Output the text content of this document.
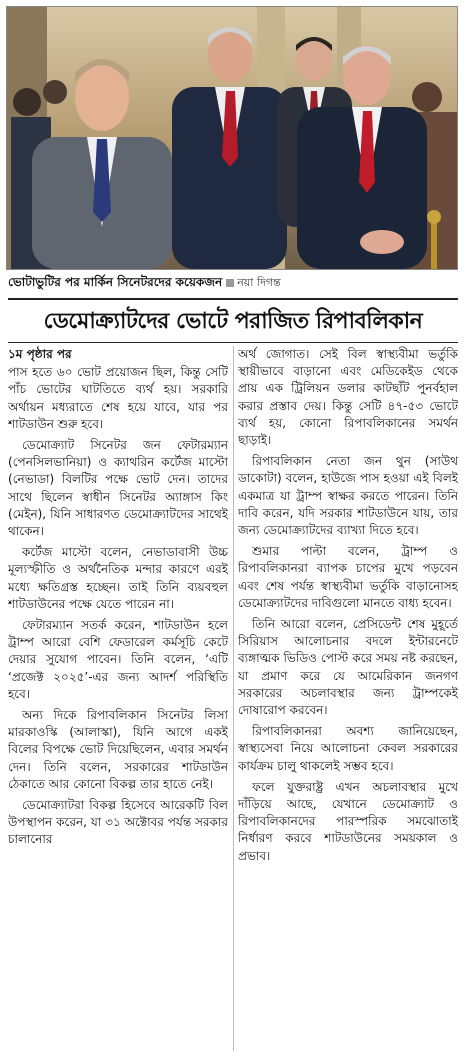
ভোটাভুটির পর মার্কিন সিনেটরদের কয়েকজন নয়া দিগন্ত
ডেমোক্র্যাটদের ভোটে পরাজিত রিপাবলিকান
১ম পৃষ্ঠার পর

পাস হতে ৬০ ভোট প্রয়োজন ছিল, কিন্তু সেটি পাঁচ ভোটের ঘাটতিতে ব্যর্থ হয়। সরকারি অর্থায়ন মধ্যরাতে শেষ হয়ে যাবে, যার পর শাটডাউন শুরু হবে।

ডেমোক্র্যাট সিনেটর জন ফেটারম্যান (পেনসিলভানিয়া) ও ক্যাথরিন কর্টেজ মাস্টো (নেভাডা) বিলটির পক্ষে ভোট দেন। তাদের সাথে ছিলেন স্বাধীন সিনেটর অ্যাঙ্গাস কিং (মেইন), যিনি সাধারণত ডেমোক্র্যাটদের সাথেই থাকেন।

কর্টেজ মাস্টো বলেন, নেভাডাবাসী উচ্চ মূল্যস্ফীতি ও অর্থনৈতিক মন্দার কারণে এরই মধ্যে ক্ষতিগ্রস্ত হচ্ছেন। তাই তিনি ব্যয়বহুল শাটডাউনের পক্ষে যেতে পারেন না।

ফেটারম্যান সতর্ক করেন, শাটডাউন হলে ট্রাম্প আরো বেশি ফেডারেল কর্মসূচি কেটে দেয়ার সুযোগ পাবেন। তিনি বলেন, ‘এটি ‘প্রজেক্ট ২০২৫’-এর জন্য আদর্শ পরিস্থিতি হবে।

অন্য দিকে রিপাবলিকান সিনেটর লিসা মারকাওস্কি (আলাস্কা), যিনি আগে একই বিলের বিপক্ষে ভোট দিয়েছিলেন, এবার সমর্থন দেন। তিনি বলেন, সরকারের শাটডাউন ঠেকাতে আর কোনো বিকল্প তার হাতে নেই।

ডেমোক্র্যাটরা বিকল্প হিসেবে আরেকটি বিল উপস্থাপন করেন, যা ৩১ অক্টোবর পর্যন্ত সরকার চালানোর

অর্থ জোগাত। সেই বিল স্বাস্থ্যবীমা ভর্তুকি স্থায়ীভাবে বাড়ানো এবং মেডিকেইড থেকে প্রায় এক ট্রিলিয়ন ডলার কাটছাঁট পুনর্বহাল করার প্রস্তাব দেয়। কিন্তু সেটি ৪৭-৫৩ ভোটে ব্যর্থ হয়, কোনো রিপাবলিকানের সমর্থন ছাড়াই।

রিপাবলিকান নেতা জন থুন (সাউথ ডাকোটা) বলেন, হাউজে পাস হওয়া এই বিলই একমাত্র যা ট্রাম্প স্বাক্ষর করতে পারেন। তিনি দাবি করেন, যদি সরকার শাটডাউনে যায়, তার জন্য ডেমোক্র্যাটদের ব্যাখ্যা দিতে হবে।

শুমার পাল্টা বলেন, ট্রাম্প ও রিপাবলিকানরা ব্যাপক চাপের মুখে পড়বেন এবং শেষ পর্যন্ত স্বাস্থ্যবীমা ভর্তুকি বাড়ানোসহ ডেমোক্র্যাটদের দাবিগুলো মানতে বাধ্য হবেন।

তিনি আরো বলেন, প্রেসিডেন্ট শেষ মুহূর্তে সিরিয়াস আলোচনার বদলে ইন্টারনেটে ব্যঙ্গাত্মক ভিডিও পোস্ট করে সময় নষ্ট করছেন, যা প্রমাণ করে যে আমেরিকান জনগণ সরকারের অচলাবস্থার জন্য ট্রাম্পকেই দোষারোপ করবেন।

রিপাবলিকানরা অবশ্য জানিয়েছেন, স্বাস্থ্যসেবা নিয়ে আলোচনা কেবল সরকারের কার্যক্রম চালু থাকলেই সম্ভব হবে।

ফলে যুক্তরাষ্ট্র এখন অচলাবস্থার মুখে দাঁড়িয়ে আছে, যেখানে ডেমোক্র্যাট ও রিপাবলিকানদের পারস্পরিক সমঝোতাই নির্ধারণ করবে শাটডাউনের সময়কাল ও প্রভাব।
